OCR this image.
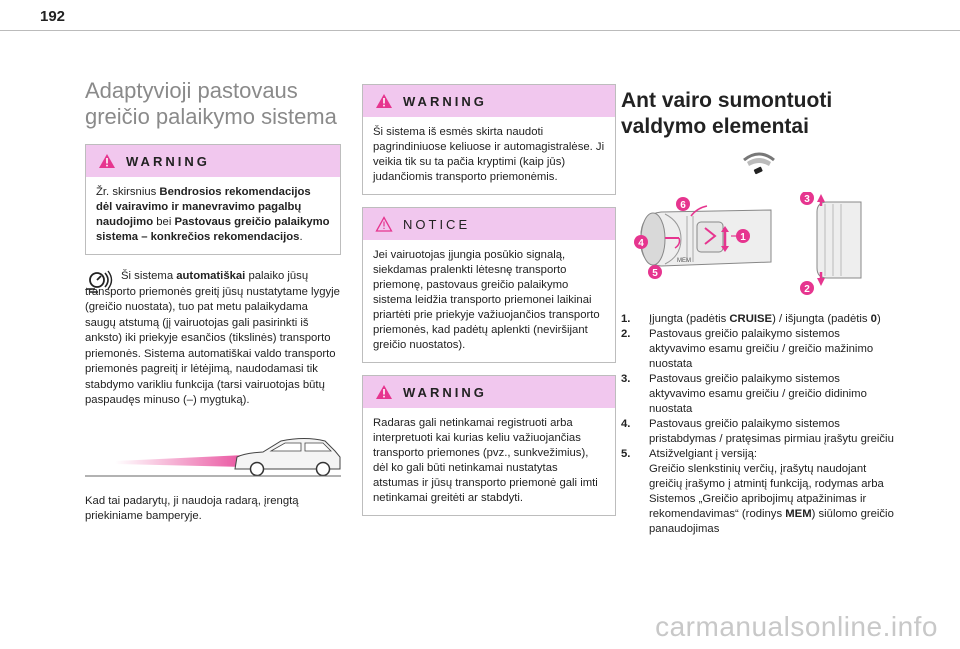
192
Adaptyvioji pastovaus
greičio palaikymo sistema
WARNING
Žr. skirsnius Bendrosios rekomendacijos dėl vairavimo ir manevravimo pagalbų naudojimo bei Pastovaus greičio palaikymo sistema – konkrečios rekomendacijos.

Ši sistema automatiškai palaiko jūsų transporto priemonės greitį jūsų nustatytame lygyje (greičio nuostata), tuo pat metu palaikydama saugų atstumą (jį vairuotojas gali pasirinkti iš anksto) iki priekyje esančios (tikslinės) transporto priemonės. Sistema automatiškai valdo transporto priemonės pagreitį ir lėtėjimą, naudodamasi tik stabdymo varikliu funkcija (tarsi vairuotojas būtų paspaudęs minuso (–) mygtuką).

Kad tai padarytų, ji naudoja radarą, įrengtą priekiniame bamperyje.

WARNING
Ši sistema iš esmės skirta naudoti pagrindiniuose keliuose ir automagistralėse. Ji veikia tik su ta pačia kryptimi (kaip jūs) judančiomis transporto priemonėmis.
NOTICE
Jei vairuotojas įjungia posūkio signalą, siekdamas pralenkti lėtesnę transporto priemonę, pastovaus greičio palaikymo sistema leidžia transporto priemonei laikinai priartėti prie priekyje važiuojančios transporto priemonės, kad padėtų aplenkti (neviršijant greičio nuostatos).
WARNING
Radaras gali netinkamai registruoti arba interpretuoti kai kurias keliu važiuojančias transporto priemones (pvz., sunkvežimius), dėl ko gali būti netinkamai nustatytas atstumas ir jūsų transporto priemonė gali imti netinkamai greitėti ar stabdyti.
Ant vairo sumontuoti
valdymo elementai
MEM
1
4
6
5
3
2
1. Įjungta (padėtis CRUISE) / išjungta (padėtis 0)
2. Pastovaus greičio palaikymo sistemos aktyvavimo esamu greičiu / greičio mažinimo nuostata
3. Pastovaus greičio palaikymo sistemos aktyvavimo esamu greičiu / greičio didinimo nuostata
4. Pastovaus greičio palaikymo sistemos pristabdymas / pratęsimas pirmiau įrašytu greičiu
5. Atsižvelgiant į versiją:
Greičio slenkstinių verčių, įrašytų naudojant greičių įrašymo į atmintį funkciją, rodymas arba
Sistemos „Greičio apribojimų atpažinimas ir rekomendavimas“ (rodinys MEM) siūlomo greičio panaudojimas
carmanualsonline.info
